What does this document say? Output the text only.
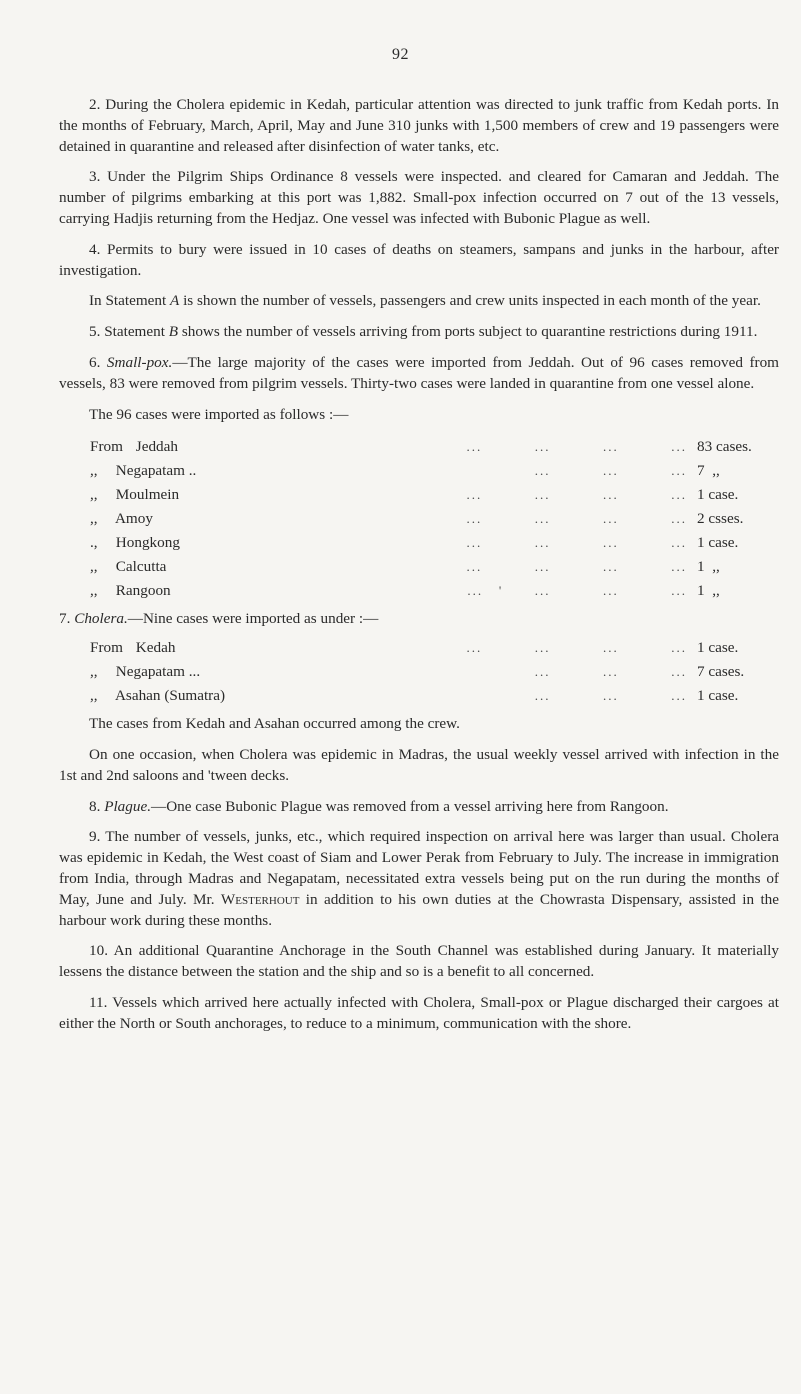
92

2. During the Cholera epidemic in Kedah, particular attention was directed to junk traffic from Kedah ports. In the months of February, March, April, May and June 310 junks with 1,500 members of crew and 19 passengers were detained in quarantine and released after disinfection of water tanks, etc.

3. Under the Pilgrim Ships Ordinance 8 vessels were inspected. and cleared for Camaran and Jeddah. The number of pilgrims embarking at this port was 1,882. Small-pox infection occurred on 7 out of the 13 vessels, carrying Hadjis returning from the Hedjaz. One vessel was infected with Bubonic Plague as well.

4. Permits to bury were issued in 10 cases of deaths on steamers, sampans and junks in the harbour, after investigation.

In Statement A is shown the number of vessels, passengers and crew units inspected in each month of the year.

5. Statement B shows the number of vessels arriving from ports subject to quarantine restrictions during 1911.

6. Small-pox.—The large majority of the cases were imported from Jeddah. Out of 96 cases removed from vessels, 83 were removed from pilgrim vessels. Thirty-two cases were landed in quarantine from one vessel alone.

The 96 cases were imported as follows :—
From Jeddah	...          ...          ...          ...	83 cases.
,, Negapatam ..	...          ...          ...	7  ,,
,, Moulmein	...          ...          ...          ...	1 case.
,, Amoy	...          ...          ...          ...	2 csses.
., Hongkong	...          ...          ...          ...	1 case.
,, Calcutta	...          ...          ...          ...	1  ,,
,, Rangoon	...   '      ...          ...          ...	1  ,,
7. Cholera.—Nine cases were imported as under :—
From Kedah	...          ...          ...          ...	1 case.
,, Negapatam ...	...          ...          ...	7 cases.
,, Asahan (Sumatra)	...          ...          ...	1 case.

The cases from Kedah and Asahan occurred among the crew.

On one occasion, when Cholera was epidemic in Madras, the usual weekly vessel arrived with infection in the 1st and 2nd saloons and 'tween decks.

8. Plague.—One case Bubonic Plague was removed from a vessel arriving here from Rangoon.

9. The number of vessels, junks, etc., which required inspection on arrival here was larger than usual. Cholera was epidemic in Kedah, the West coast of Siam and Lower Perak from February to July. The increase in immigration from India, through Madras and Negapatam, necessitated extra vessels being put on the run during the months of May, June and July. Mr. Westerhout in addition to his own duties at the Chowrasta Dispensary, assisted in the harbour work during these months.

10. An additional Quarantine Anchorage in the South Channel was established during January. It materially lessens the distance between the station and the ship and so is a benefit to all concerned.

11. Vessels which arrived here actually infected with Cholera, Small-pox or Plague discharged their cargoes at either the North or South anchorages, to reduce to a minimum, communication with the shore.
